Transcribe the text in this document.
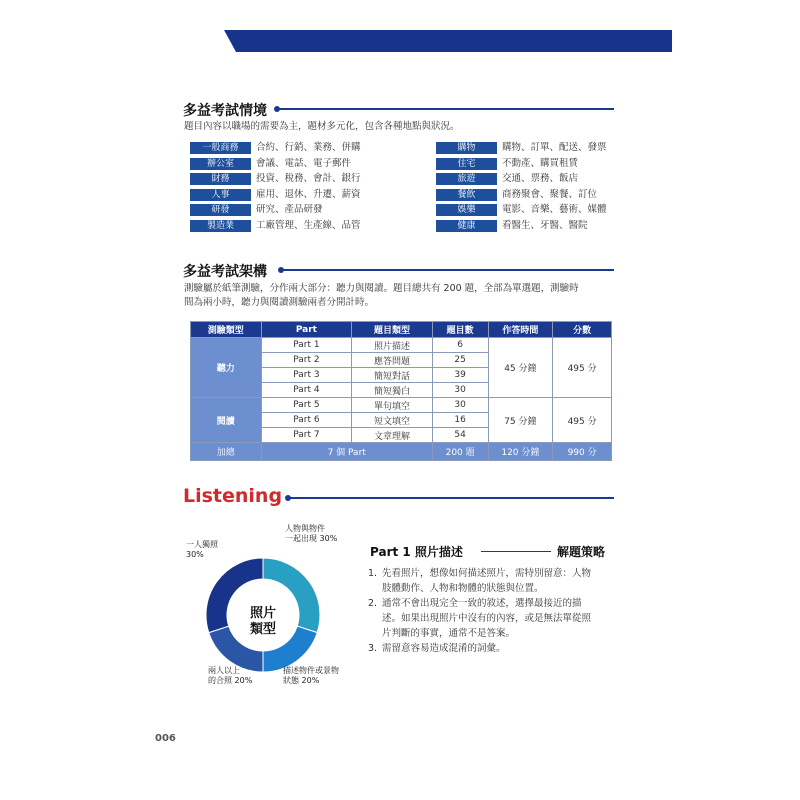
多益考試情境
題目內容以職場的需要為主，題材多元化，包含各種地點與狀況。
一般商務	合約、行銷、業務、併購
辦公室	會議、電話、電子郵件
財務	投資、稅務、會計、銀行
人事	雇用、退休、升遷、薪資
研發	研究、產品研發
製造業	工廠管理、生產線、品管
購物	購物、訂單、配送、發票
住宅	不動產、購買租賃
旅遊	交通、票務、飯店
餐飲	商務聚會、聚餐、訂位
娛樂	電影、音樂、藝術、媒體
健康	看醫生、牙醫、醫院
多益考試架構
測驗屬於紙筆測驗，分作兩大部分：聽力與閱讀。題目總共有 200 題，全部為單選題，測驗時
間為兩小時，聽力與閱讀測驗兩者分開計時。
測驗類型	Part	題目類型	題目數	作答時間	分數
聽力	Part 1	照片描述	6	45 分鐘	495 分
	Part 2	應答問題	25		
	Part 3	簡短對話	39		
	Part 4	簡短獨白	30		
閱讀	Part 5	單句填空	30	75 分鐘	495 分
	Part 6	短文填空	16		
	Part 7	文章理解	54		
加總	7 個 Part		200 題	120 分鐘	990 分
Listening
照片
類型
人物與物件
一起出現 30%
描述物件或景物
狀態 20%
兩人以上
的合照 20%
一人獨照
30%	Part 1 照片描述	解題策略
1. 先看照片，想像如何描述照片，需特別留意：人物
肢體動作、人物和物體的狀態與位置。
2. 通常不會出現完全一致的敘述，選擇最接近的描
述。如果出現照片中沒有的內容，或是無法單從照
片判斷的事實，通常不是答案。
3. 需留意容易造成混淆的詞彙。
006
